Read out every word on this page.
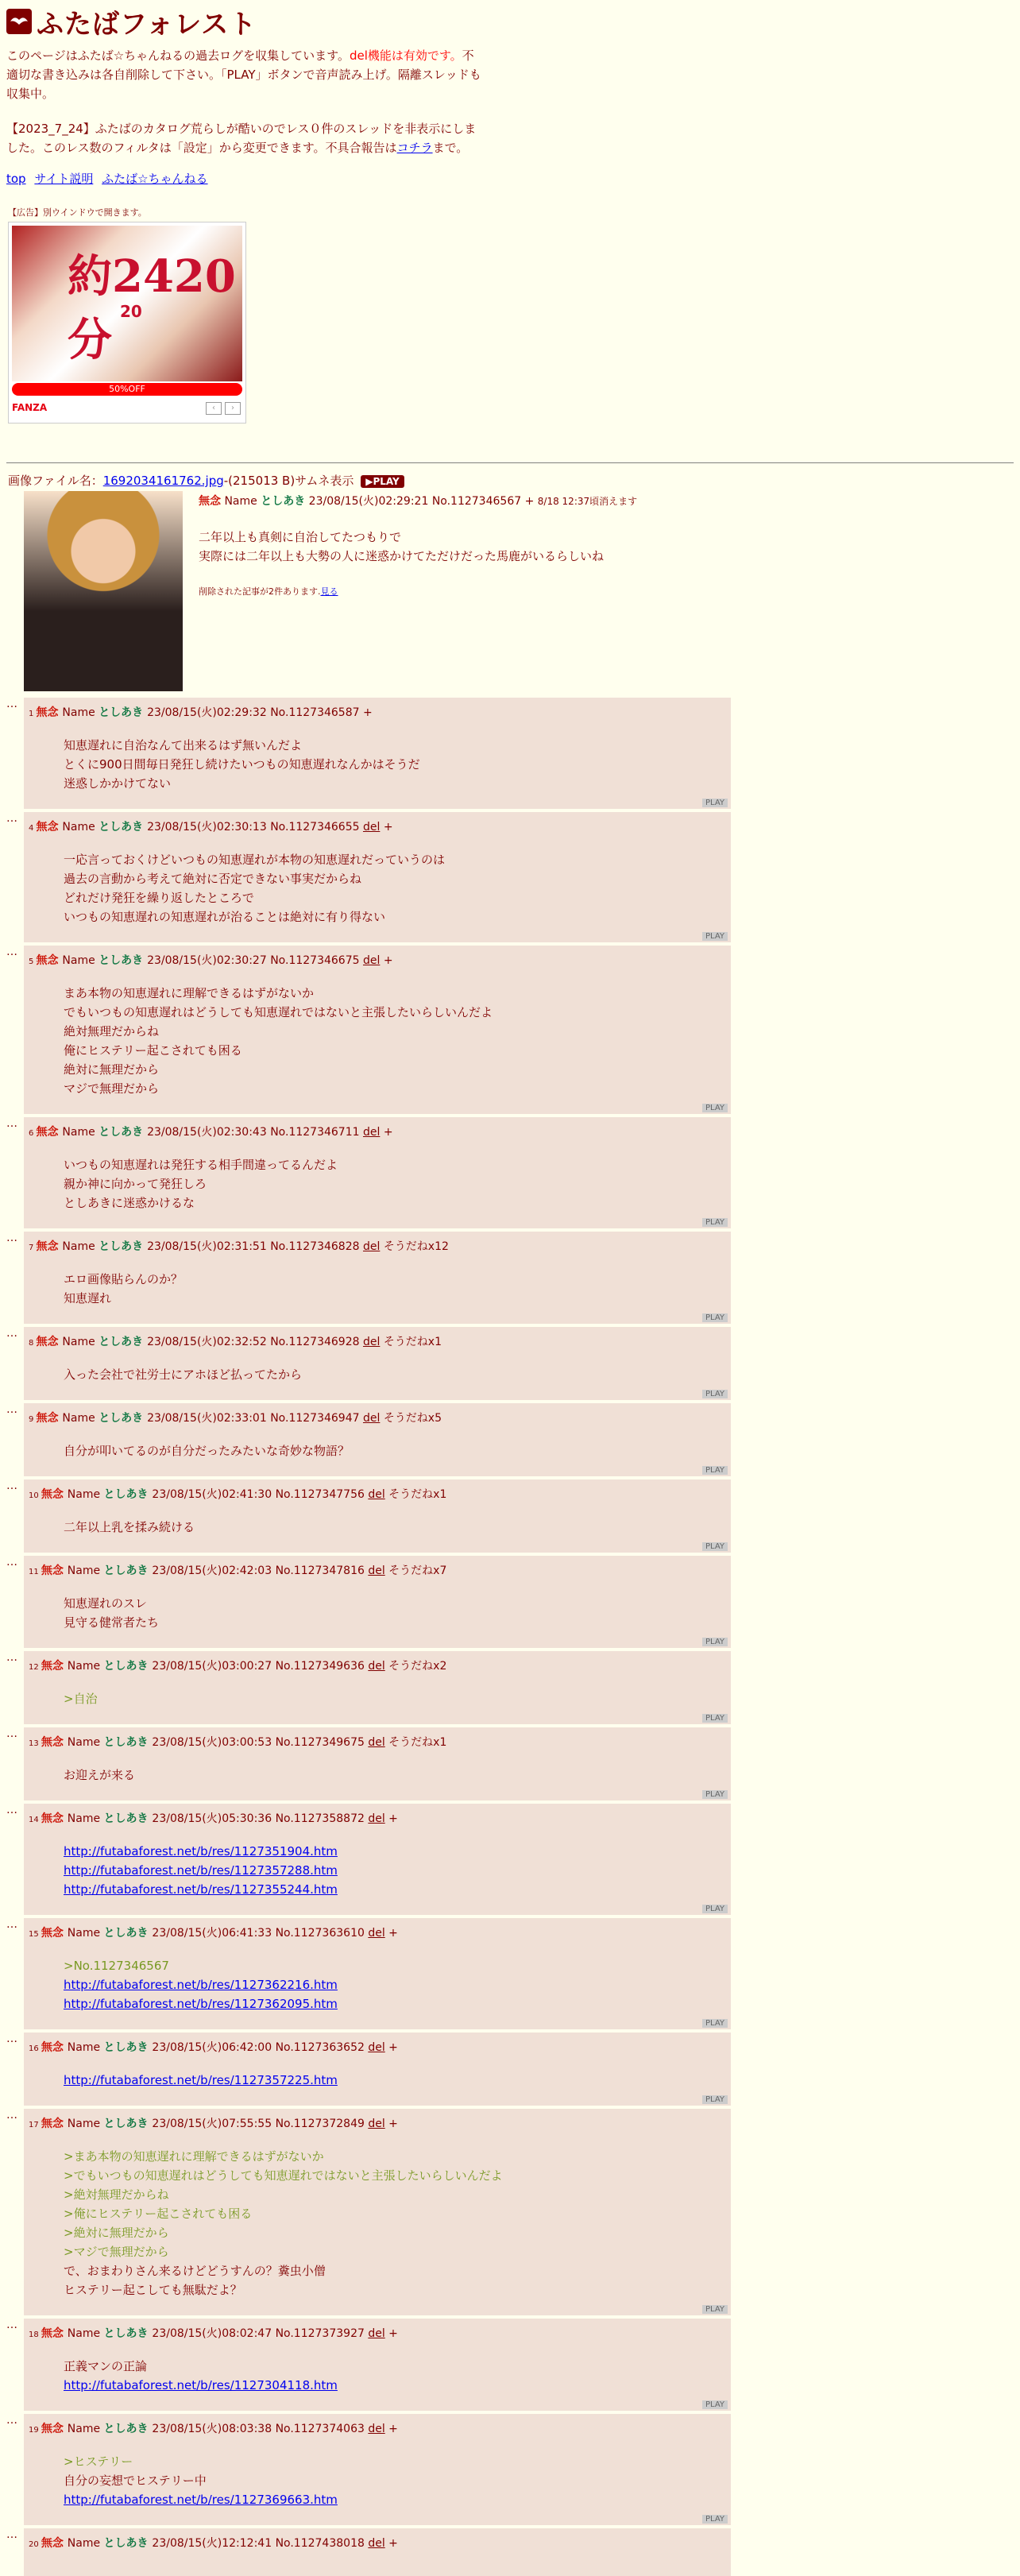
ふたばフォレスト

このページはふたば☆ちゃんねるの過去ログを収集しています。del機能は有効です。不適切な書き込みは各自削除して下さい。「PLAY」ボタンで音声読み上げ。隔離スレッドも収集中。

【2023_7_24】ふたばのカタログ荒らしが酷いのでレス０件のスレッドを非表示にしました。このレス数のフィルタは「設定」から変更できます。不具合報告はコチラまで。

top サイト説明 ふたば☆ちゃんねる
【広告】別ウインドウで開きます。
約2420分
20
50%OFF
FANZA	‹	›
画像ファイル名：1692034161762.jpg-(215013 B)サムネ表示 ▶PLAY
無念 Name としあき 23/08/15(火)02:29:21 No.1127346567 + 8/18 12:37頃消えます
二年以上も真剣に自治してたつもりで
実際には二年以上も大勢の人に迷惑かけてただけだった馬鹿がいるらしいね
削除された記事が2件あります.見る
…
1 無念 Name としあき 23/08/15(火)02:29:32 No.1127346587 +
知恵遅れに自治なんて出来るはず無いんだよ
とくに900日間毎日発狂し続けたいつもの知恵遅れなんかはそうだ
迷惑しかかけてない
PLAY
…
4 無念 Name としあき 23/08/15(火)02:30:13 No.1127346655 del +
一応言っておくけどいつもの知恵遅れが本物の知恵遅れだっていうのは
過去の言動から考えて絶対に否定できない事実だからね
どれだけ発狂を繰り返したところで
いつもの知恵遅れの知恵遅れが治ることは絶対に有り得ない
PLAY
…
5 無念 Name としあき 23/08/15(火)02:30:27 No.1127346675 del +
まあ本物の知恵遅れに理解できるはずがないか
でもいつもの知恵遅れはどうしても知恵遅れではないと主張したいらしいんだよ
絶対無理だからね
俺にヒステリー起こされても困る
絶対に無理だから
マジで無理だから
PLAY
…
6 無念 Name としあき 23/08/15(火)02:30:43 No.1127346711 del +
いつもの知恵遅れは発狂する相手間違ってるんだよ
親か神に向かって発狂しろ
としあきに迷惑かけるな
PLAY
…
7 無念 Name としあき 23/08/15(火)02:31:51 No.1127346828 del そうだねx12
エロ画像貼らんのか？
知恵遅れ
PLAY
…
8 無念 Name としあき 23/08/15(火)02:32:52 No.1127346928 del そうだねx1
入った会社で社労士にアホほど払ってたから
PLAY
…
9 無念 Name としあき 23/08/15(火)02:33:01 No.1127346947 del そうだねx5
自分が叩いてるのが自分だったみたいな奇妙な物語？
PLAY
…
10 無念 Name としあき 23/08/15(火)02:41:30 No.1127347756 del そうだねx1
二年以上乳を揉み続ける
PLAY
…
11 無念 Name としあき 23/08/15(火)02:42:03 No.1127347816 del そうだねx7
知恵遅れのスレ
見守る健常者たち
PLAY
…
12 無念 Name としあき 23/08/15(火)03:00:27 No.1127349636 del そうだねx2
>自治
PLAY
…
13 無念 Name としあき 23/08/15(火)03:00:53 No.1127349675 del そうだねx1
お迎えが来る
PLAY
…
14 無念 Name としあき 23/08/15(火)05:30:36 No.1127358872 del +
http://futabaforest.net/b/res/1127351904.htm
http://futabaforest.net/b/res/1127357288.htm
http://futabaforest.net/b/res/1127355244.htm
PLAY
…
15 無念 Name としあき 23/08/15(火)06:41:33 No.1127363610 del +
>No.1127346567
http://futabaforest.net/b/res/1127362216.htm
http://futabaforest.net/b/res/1127362095.htm
PLAY
…
16 無念 Name としあき 23/08/15(火)06:42:00 No.1127363652 del +
http://futabaforest.net/b/res/1127357225.htm
PLAY
…
17 無念 Name としあき 23/08/15(火)07:55:55 No.1127372849 del +
>まあ本物の知恵遅れに理解できるはずがないか
>でもいつもの知恵遅れはどうしても知恵遅れではないと主張したいらしいんだよ
>絶対無理だからね
>俺にヒステリー起こされても困る
>絶対に無理だから
>マジで無理だから
で、おまわりさん来るけどどうすんの？糞虫小僧
ヒステリー起こしても無駄だよ？
PLAY
…
18 無念 Name としあき 23/08/15(火)08:02:47 No.1127373927 del +
正義マンの正論
http://futabaforest.net/b/res/1127304118.htm
PLAY
…
19 無念 Name としあき 23/08/15(火)08:03:38 No.1127374063 del +
>ヒステリー
自分の妄想でヒステリー中
http://futabaforest.net/b/res/1127369663.htm
PLAY
…
20 無念 Name としあき 23/08/15(火)12:12:41 No.1127438018 del +
